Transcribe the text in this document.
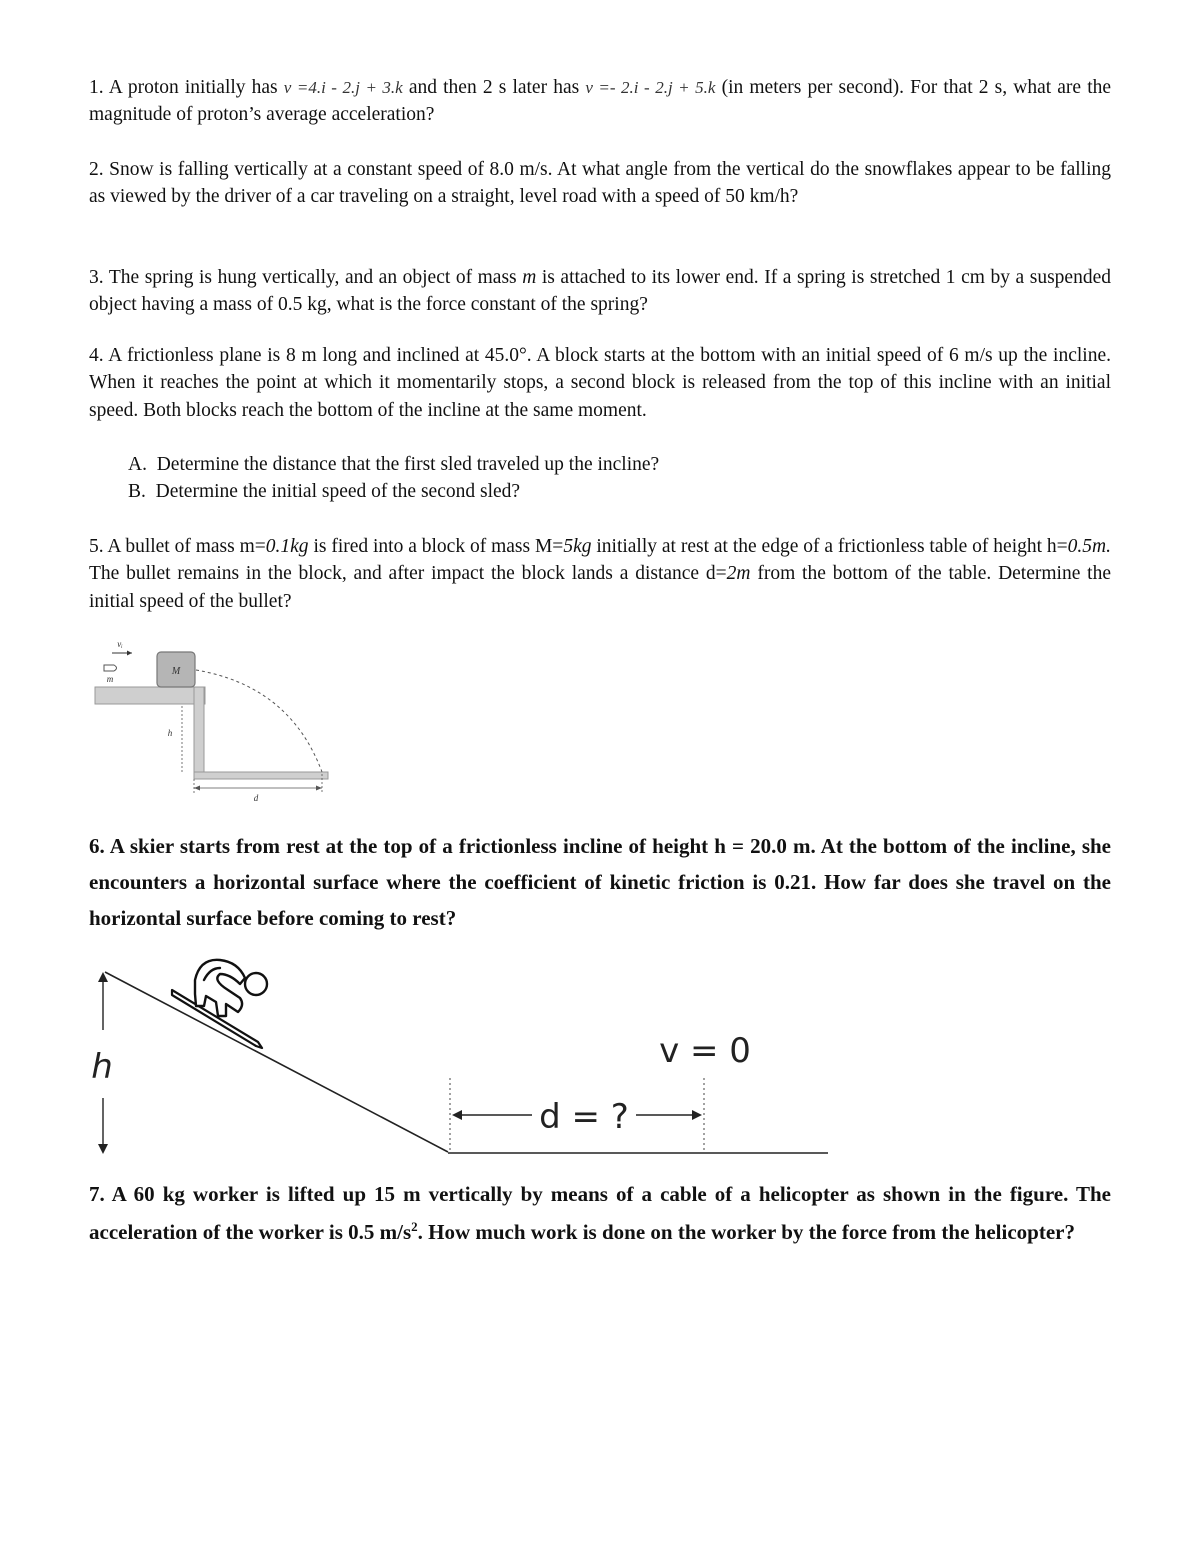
1. A proton initially has v =4.i - 2.j + 3.k and then 2 s later has v =- 2.i - 2.j + 5.k (in meters per second). For that 2 s, what are the magnitude of proton’s average acceleration?
2. Snow is falling vertically at a constant speed of 8.0 m/s. At what angle from the vertical do the snowflakes appear to be falling as viewed by the driver of a car traveling on a straight, level road with a speed of 50 km/h?
3. The spring is hung vertically, and an object of mass m is attached to its lower end. If a spring is stretched 1 cm by a suspended object having a mass of 0.5 kg, what is the force constant of the spring?
4. A frictionless plane is 8 m long and inclined at 45.0°. A block starts at the bottom with an initial speed of 6 m/s up the incline. When it reaches the point at which it momentarily stops, a second block is released from the top of this incline with an initial speed. Both blocks reach the bottom of the incline at the same moment.
A. Determine the distance that the first sled traveled up the incline?
B. Determine the initial speed of the second sled?
5. A bullet of mass m=0.1kg is fired into a block of mass M=5kg initially at rest at the edge of a frictionless table of height h=0.5m. The bullet remains in the block, and after impact the block lands a distance d=2m from the bottom of the table. Determine the initial speed of the bullet?
M
m
vᵢ
h
d
6. A skier starts from rest at the top of a frictionless incline of height h = 20.0 m. At the bottom of the incline, she encounters a horizontal surface where the coefficient of kinetic friction is 0.21. How far does she travel on the horizontal surface before coming to rest?
h
d = ?
v = 0
7. A 60 kg worker is lifted up 15 m vertically by means of a cable of a helicopter as shown in the figure. The acceleration of the worker is 0.5 $m/s^2$. How much work is done on the worker by the force from the helicopter?
